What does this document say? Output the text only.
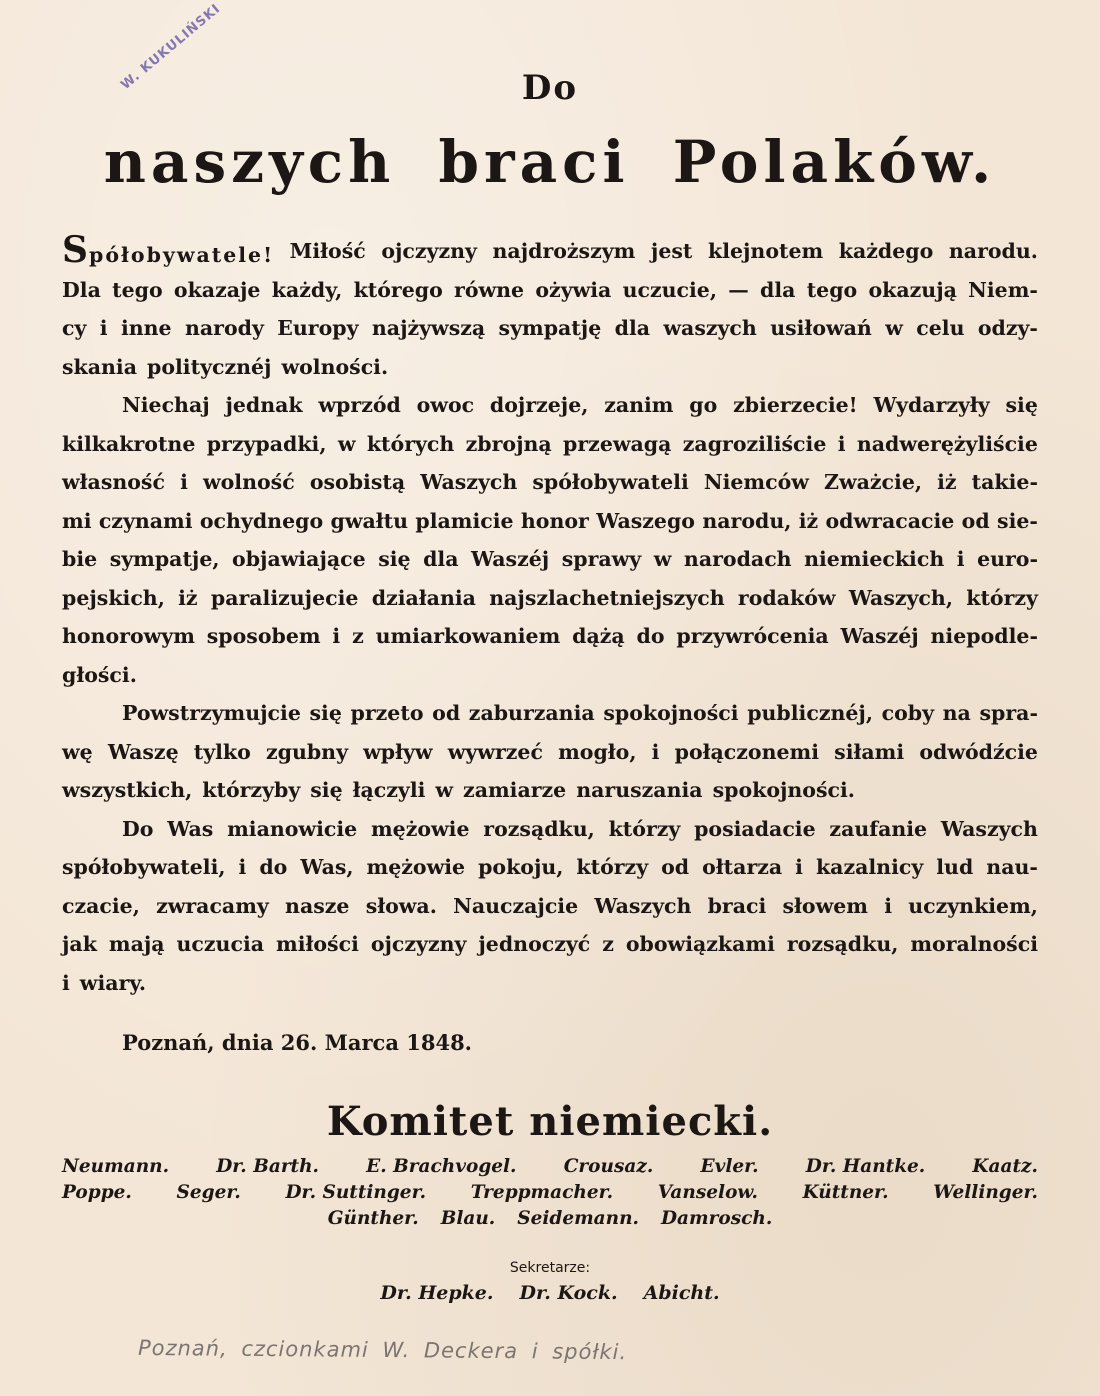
W. KUKULIŃSKI	Do
naszych braci Polaków.
Spółobywatele! Miłość ojczyzny najdroższym jest klejnotem każdego narodu.
Dla tego okazaje każdy, którego równe ożywia uczucie, — dla tego okazują Niem-
cy i inne narody Europy najżywszą sympatję dla waszych usiłowań w celu odzy-
skania politycznéj wolności.
Niechaj jednak wprzód owoc dojrzeje, zanim go zbierzecie! Wydarzyły się
kilkakrotne przypadki, w których zbrojną przewagą zagroziliście i nadwerężyliście
własność i wolność osobistą Waszych spółobywateli Niemców Zważcie, iż takie-
mi czynami ochydnego gwałtu plamicie honor Waszego narodu, iż odwracacie od sie-
bie sympatje, objawiające się dla Waszéj sprawy w narodach niemieckich i euro-
pejskich, iż paralizujecie działania najszlachetniejszych rodaków Waszych, którzy
honorowym sposobem i z umiarkowaniem dążą do przywrócenia Waszéj niepodle-
głości.
Powstrzymujcie się przeto od zaburzania spokojności publicznéj, coby na spra-
wę Waszę tylko zgubny wpływ wywrzeć mogło, i połączonemi siłami odwódźcie
wszystkich, którzyby się łączyli w zamiarze naruszania spokojności.
Do Was mianowicie mężowie rozsądku, którzy posiadacie zaufanie Waszych
spółobywateli, i do Was, mężowie pokoju, którzy od ołtarza i kazalnicy lud nau-
czacie, zwracamy nasze słowa. Nauczajcie Waszych braci słowem i uczynkiem,
jak mają uczucia miłości ojczyzny jednoczyć z obowiązkami rozsądku, moralności
i wiary.
Poznań, dnia 26. Marca 1848.
Komitet niemiecki.
Neumann.	Dr. Barth.	E. Brachvogel.	Crousaz.	Evler.	Dr. Hantke.	Kaatz.
Poppe. Seger. Dr. Suttinger. Treppmacher. Vanselow. Küttner. Wellinger.
Günther. Blau. Seidemann. Damrosch.
Sekretarze:
Dr. Hepke. Dr. Kock. Abicht.
Poznań, czcionkami W. Deckera i spółki.
